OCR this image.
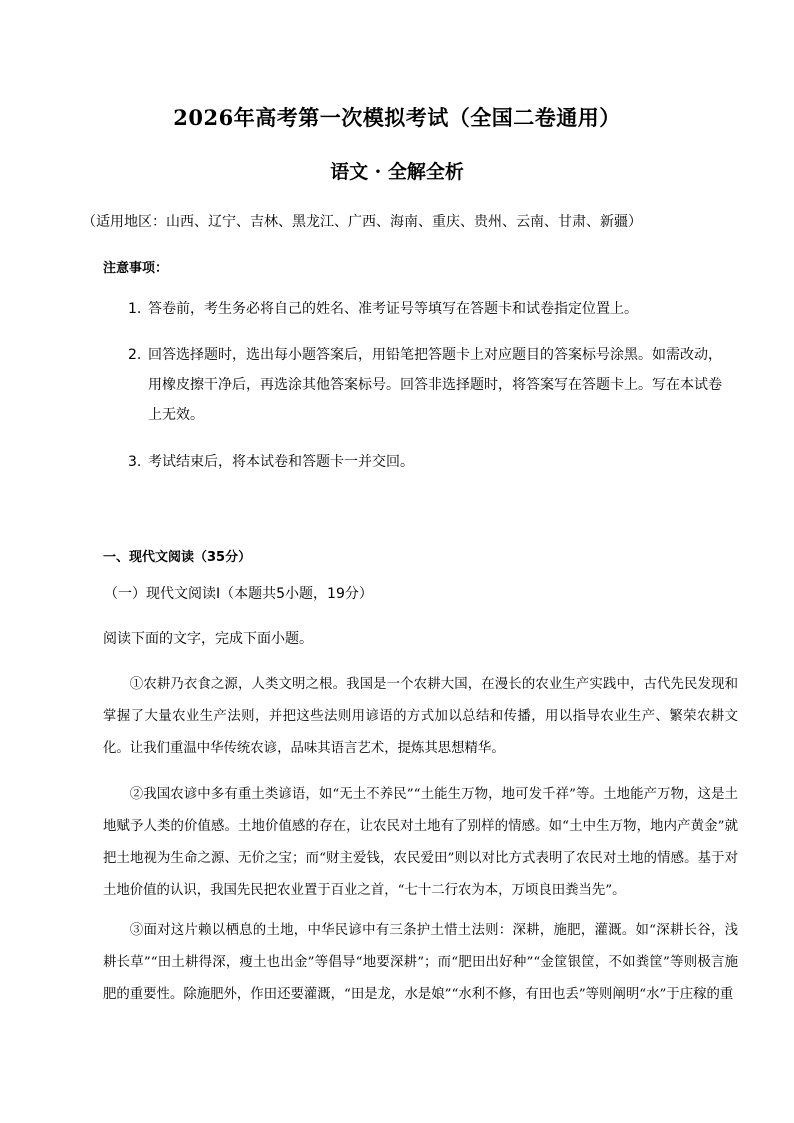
2026年高考第一次模拟考试（全国二卷通用）
语文 · 全解全析
（适用地区：山西、辽宁、吉林、黑龙江、广西、海南、重庆、贵州、云南、甘肃、新疆）
注意事项：
1. 答卷前，考生务必将自己的姓名、准考证号等填写在答题卡和试卷指定位置上。
2. 回答选择题时，选出每小题答案后，用铅笔把答题卡上对应题目的答案标号涂黑。如需改动，用橡皮擦干净后，再选涂其他答案标号。回答非选择题时，将答案写在答题卡上。写在本试卷上无效。
3. 考试结束后，将本试卷和答题卡一并交回。
一、现代文阅读（35分）
（一）现代文阅读Ⅰ（本题共5小题，19分）
阅读下面的文字，完成下面小题。
①农耕乃衣食之源，人类文明之根。我国是一个农耕大国，在漫长的农业生产实践中，古代先民发现和掌握了大量农业生产法则，并把这些法则用谚语的方式加以总结和传播，用以指导农业生产、繁荣农耕文化。让我们重温中华传统农谚，品味其语言艺术，提炼其思想精华。
②我国农谚中多有重土类谚语，如“无土不养民”“土能生万物，地可发千祥”等。土地能产万物，这是土地赋予人类的价值感。土地价值感的存在，让农民对土地有了别样的情感。如“土中生万物，地内产黄金”就把土地视为生命之源、无价之宝；而“财主爱钱，农民爱田”则以对比方式表明了农民对土地的情感。基于对土地价值的认识，我国先民把农业置于百业之首，“七十二行农为本，万顷良田粪当先”。
③面对这片赖以栖息的土地，中华民谚中有三条护土惜土法则：深耕，施肥，灌溉。如“深耕长谷，浅耕长草”“田土耕得深，瘦土也出金”等倡导“地要深耕”；而“肥田出好种”“金筐银筐，不如粪筐”等则极言施肥的重要性。除施肥外，作田还要灌溉，“田是龙，水是娘”“水利不修，有田也丢”等则阐明“水”于庄稼的重
